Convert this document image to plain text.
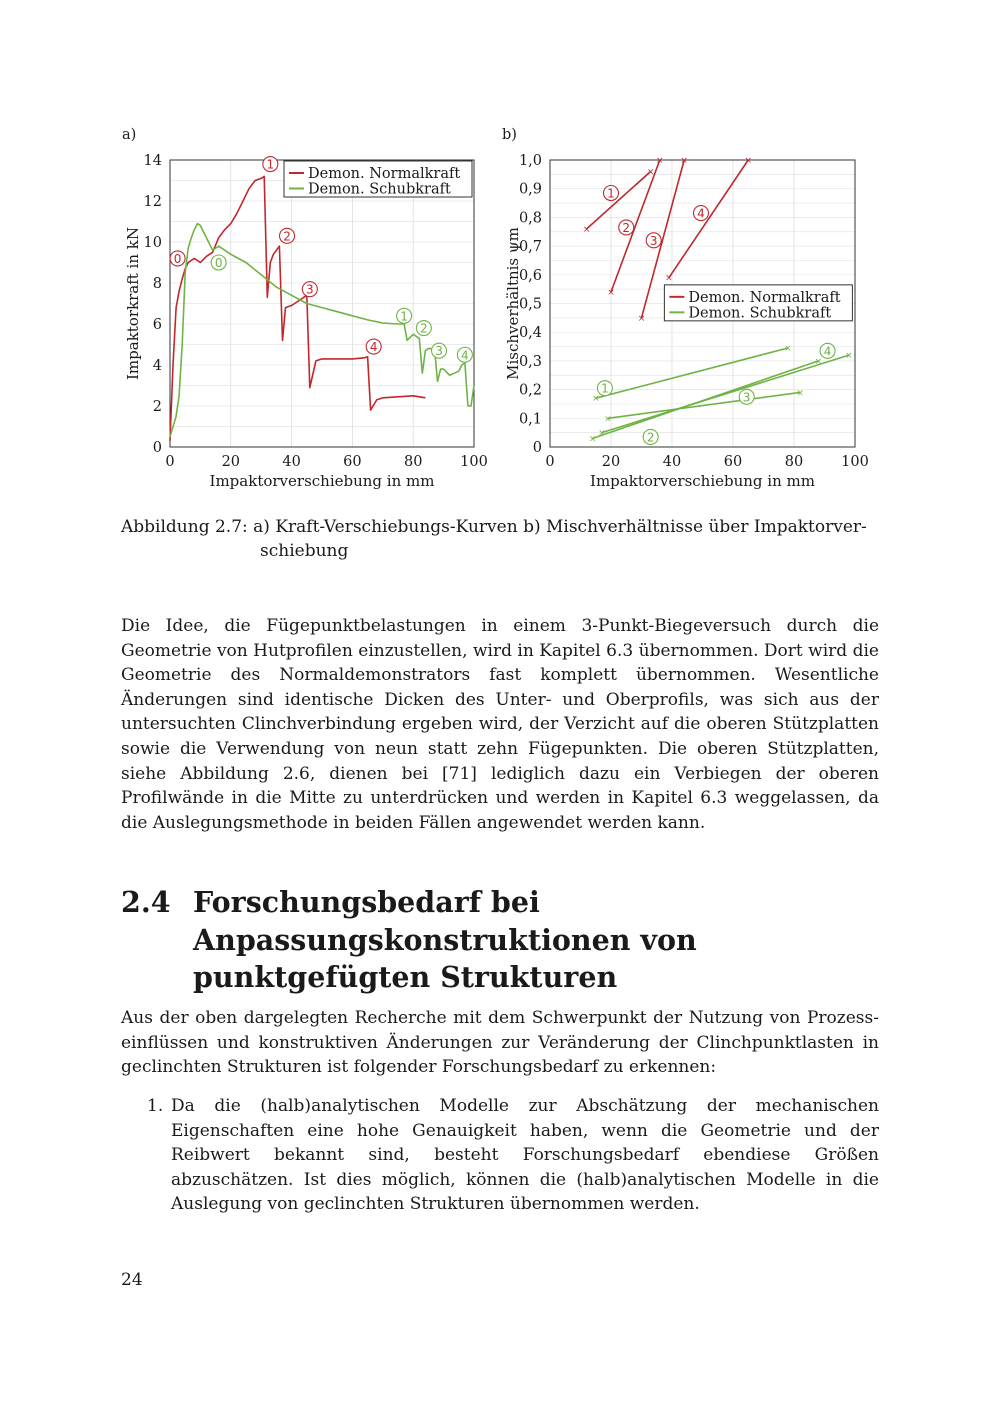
0	20	40	60	80	100
0
2
4
6
8
10
12
14
Impaktorverschiebung in mm
Impaktorkraft in kN
a)
1
2
3
4
0	0
1
2
3 4
Demon. Normalkraft
Demon. Schubkraft
0	20	40	60	80	100
0
0,1
0,2
0,3
0,4
0,5
0,6
0,7
0,8
0,9
1,0
Impaktorverschiebung in mm
Mischverhältnis ψm
b)
×
×
×
×
×
×
×
×
×
×
×
×
×
×
×
×
1
2
3
4
1
2
3
4
Demon. Normalkraft
Demon. Schubkraft
Abbildung 2.7: a) Kraft-Verschiebungs-Kurven b) Mischverhältnisse über Impaktorver-
schiebung

Die Idee, die Fügepunktbelastungen in einem 3-Punkt-Biegeversuch durch die Geometrie von Hutprofilen einzustellen, wird in Kapitel 6.3 übernommen. Dort wird die Geometrie des Normaldemonstrators fast komplett übernommen. Wesentliche Änderungen sind identische Dicken des Unter- und Oberprofils, was sich aus der untersuchten Clinchverbindung ergeben wird, der Verzicht auf die oberen Stützplatten sowie die Verwendung von neun statt zehn Fügepunkten. Die oberen Stützplatten, siehe Abbildung 2.6, dienen bei [71] lediglich dazu ein Verbiegen der oberen Profilwände in die Mitte zu unterdrücken und werden in Kapitel 6.3 weggelassen, da die Auslegungsmethode in beiden Fällen angewendet werden kann.

2.4 Forschungsbedarf bei Anpassungskonstruktionen von punktgefügten Strukturen

Aus der oben dargelegten Recherche mit dem Schwerpunkt der Nutzung von Prozesseinflüssen und konstruktiven Änderungen zur Veränderung der Clinchpunktlasten in geclinchten Strukturen ist folgender Forschungsbedarf zu erkennen:

1. Da die (halb)analytischen Modelle zur Abschätzung der mechanischen Eigenschaften eine hohe Genauigkeit haben, wenn die Geometrie und der Reibwert bekannt sind, besteht Forschungsbedarf ebendiese Größen abzuschätzen. Ist dies möglich, können die (halb)analytischen Modelle in die Auslegung von geclinchten Strukturen übernommen werden.
24
